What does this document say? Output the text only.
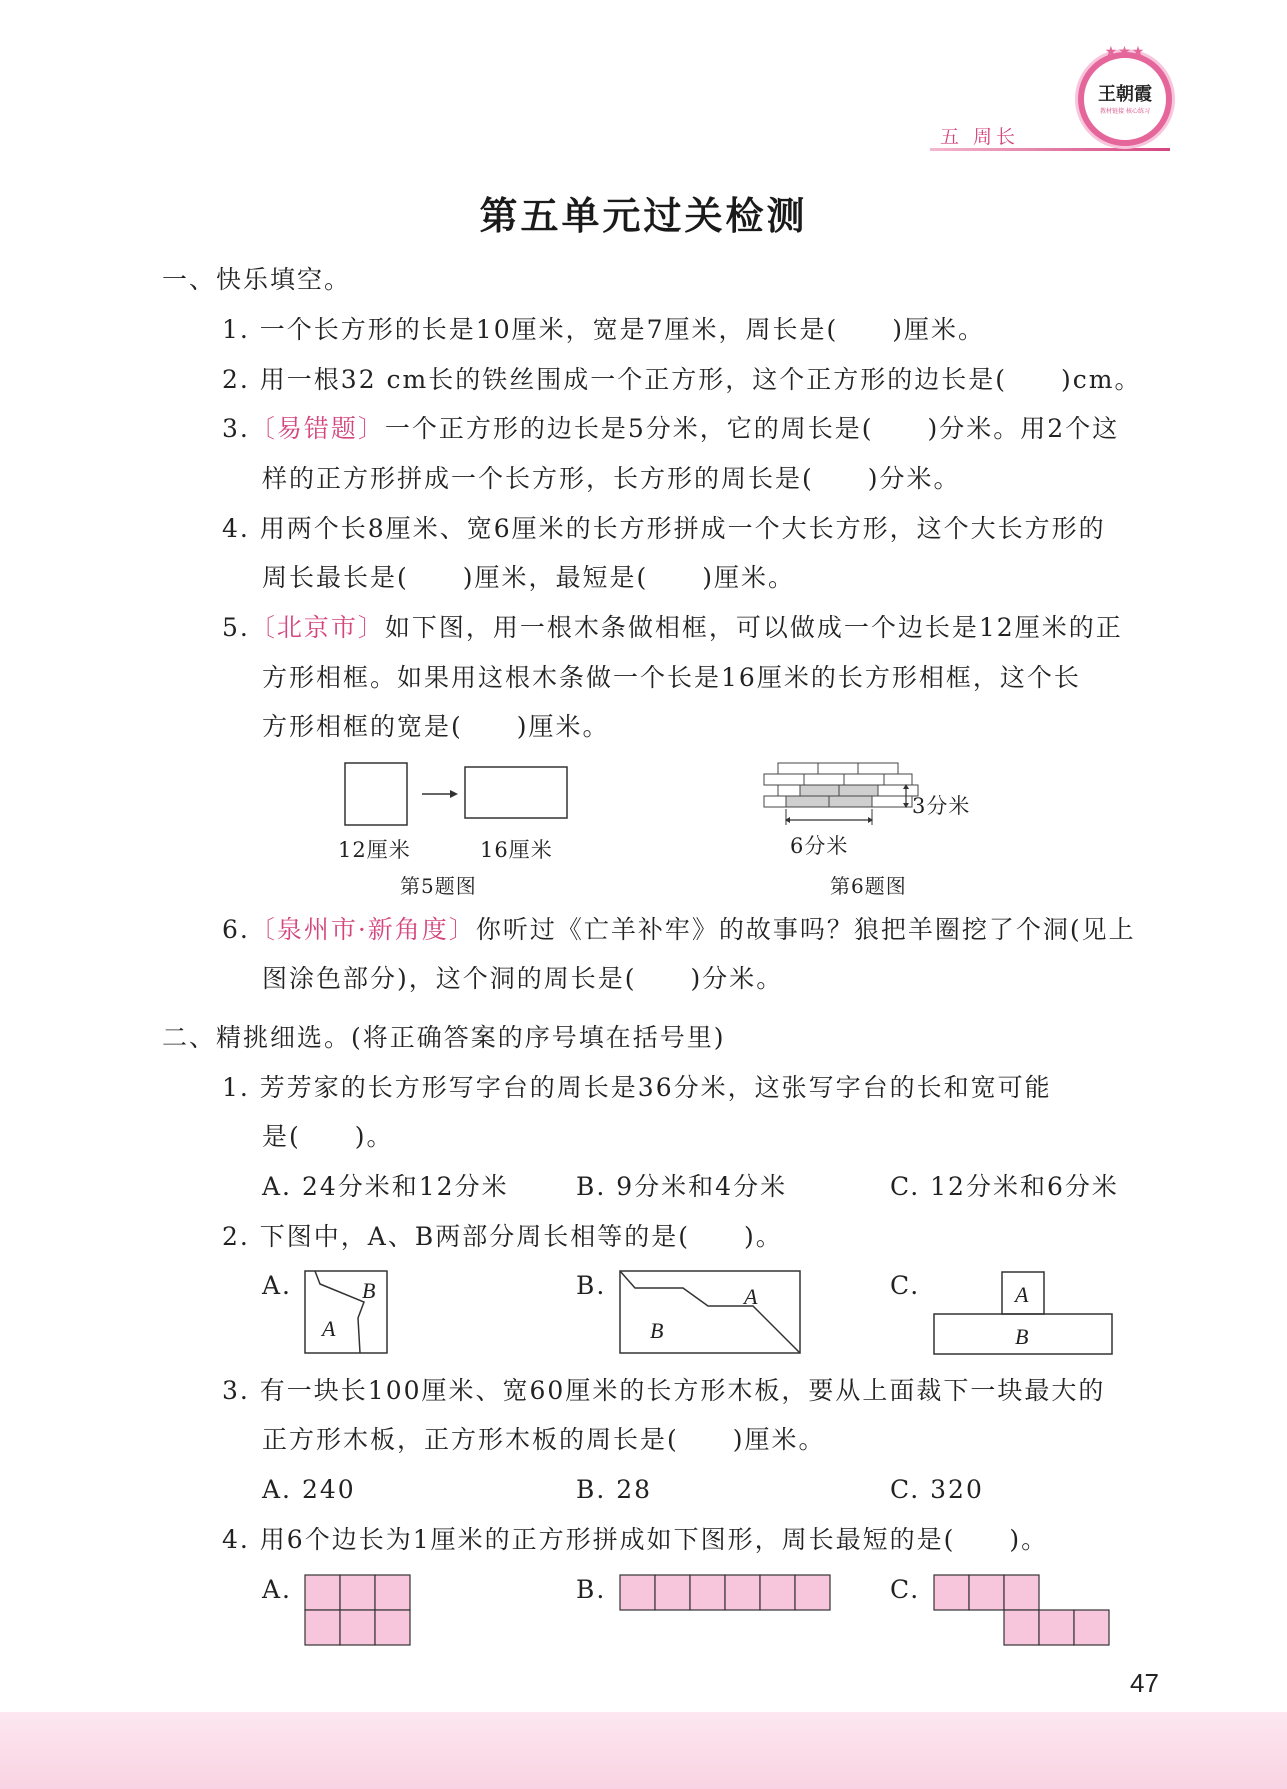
五 周长
王朝霞
教材链接 核心练习
★★★
第五单元过关检测
一、快乐填空。
1. 一个长方形的长是10厘米，宽是7厘米，周长是(　　)厘米。
2. 用一根32 cm长的铁丝围成一个正方形，这个正方形的边长是(　　)cm。
3.〔易错题〕一个正方形的边长是5分米，它的周长是(　　)分米。用2个这
样的正方形拼成一个长方形，长方形的周长是(　　)分米。
4. 用两个长8厘米、宽6厘米的长方形拼成一个大长方形，这个大长方形的
周长最长是(　　)厘米，最短是(　　)厘米。
5.〔北京市〕如下图，用一根木条做相框，可以做成一个边长是12厘米的正
方形相框。如果用这根木条做一个长是16厘米的长方形相框，这个长
方形相框的宽是(　　)厘米。
12厘米	16厘米
第5题图
3分米
6分米
第6题图
6.〔泉州市·新角度〕你听过《亡羊补牢》的故事吗？狼把羊圈挖了个洞(见上
图涂色部分)，这个洞的周长是(　　)分米。
二、精挑细选。(将正确答案的序号填在括号里)
1. 芳芳家的长方形写字台的周长是36分米，这张写字台的长和宽可能
是(　　)。
A. 24分米和12分米	B. 9分米和4分米	C. 12分米和6分米
2. 下图中，A、B两部分周长相等的是(　　)。
A.	B.	C.
B
A
A
B
A
B
3. 有一块长100厘米、宽60厘米的长方形木板，要从上面裁下一块最大的
正方形木板，正方形木板的周长是(　　)厘米。
A. 240	B. 28	C. 320
4. 用6个边长为1厘米的正方形拼成如下图形，周长最短的是(　　)。
A.	B.	C.
47
